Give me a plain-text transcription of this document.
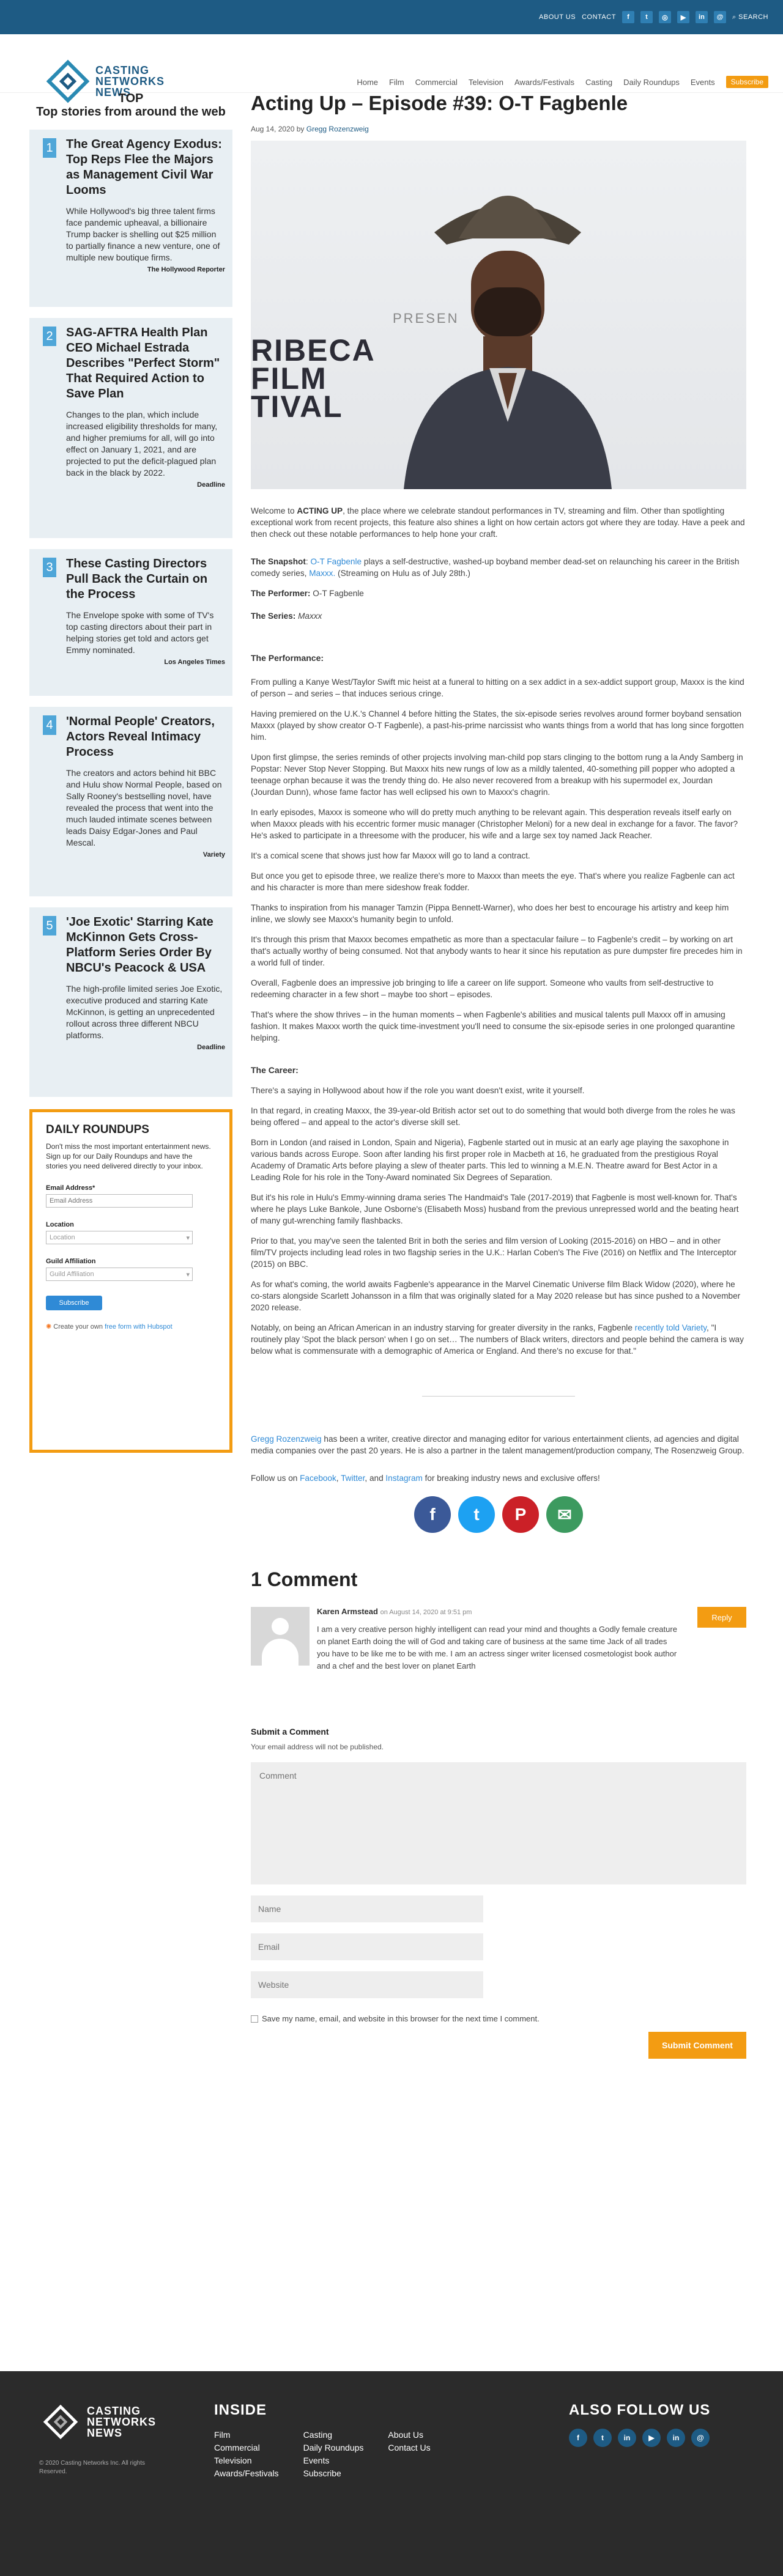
ABOUT US CONTACT	f	t	◎	▶	in	@	⌕ SEARCH
CASTING
NETWORKS
NEWS
Home Film Commercial Television Awards/Festivals Casting Daily Roundups Events	Subscribe
TOP
Top stories from around the web
1 The Great Agency Exodus: Top Reps Flee the Majors as Management Civil War Looms
While Hollywood's big three talent firms face pandemic upheaval, a billionaire Trump backer is shelling out $25 million to partially finance a new venture, one of multiple new boutique firms.
The Hollywood Reporter
2 SAG-AFTRA Health Plan CEO Michael Estrada Describes "Perfect Storm" That Required Action to Save Plan
Changes to the plan, which include increased eligibility thresholds for many, and higher premiums for all, will go into effect on January 1, 2021, and are projected to put the deficit-plagued plan back in the black by 2022.
Deadline
3 These Casting Directors Pull Back the Curtain on the Process
The Envelope spoke with some of TV's top casting directors about their part in helping stories get told and actors get Emmy nominated.
Los Angeles Times
4 'Normal People' Creators, Actors Reveal Intimacy Process
The creators and actors behind hit BBC and Hulu show Normal People, based on Sally Rooney's bestselling novel, have revealed the process that went into the much lauded intimate scenes between leads Daisy Edgar-Jones and Paul Mescal.
Variety
5 'Joe Exotic' Starring Kate McKinnon Gets Cross-Platform Series Order By NBCU's Peacock & USA
The high-profile limited series Joe Exotic, executive produced and starring Kate McKinnon, is getting an unprecedented rollout across three different NBCU platforms.
Deadline
DAILY ROUNDUPS

Don't miss the most important entertainment news. Sign up for our Daily Roundups and have the stories you need delivered directly to your inbox.

Email Address*
Email Address
Location
Location	▾
Guild Affiliation
Guild Affiliation	▾
Subscribe
✺ Create your own free form with Hubspot
Acting Up – Episode #39: O-T Fagbenle
Aug 14, 2020 by Gregg Rozenzweig
RIBECA
FILM
TIVAL
PRESEN

Welcome to ACTING UP, the place where we celebrate standout performances in TV, streaming and film. Other than spotlighting exceptional work from recent projects, this feature also shines a light on how certain actors got where they are today. Have a peek and then check out these notable performances to help hone your craft.

The Snapshot: O-T Fagbenle plays a self-destructive, washed-up boyband member dead-set on relaunching his career in the British comedy series, Maxxx. (Streaming on Hulu as of July 28th.)

The Performer: O-T Fagbenle

The Series: Maxxx

The Performance:

From pulling a Kanye West/Taylor Swift mic heist at a funeral to hitting on a sex addict in a sex-addict support group, Maxxx is the kind of person – and series – that induces serious cringe.

Having premiered on the U.K.'s Channel 4 before hitting the States, the six-episode series revolves around former boyband sensation Maxxx (played by show creator O-T Fagbenle), a past-his-prime narcissist who wants things from a world that has long since forgotten him.

Upon first glimpse, the series reminds of other projects involving man-child pop stars clinging to the bottom rung a la Andy Samberg in Popstar: Never Stop Never Stopping. But Maxxx hits new rungs of low as a mildly talented, 40-something pill popper who adopted a teenage orphan because it was the trendy thing do. He also never recovered from a breakup with his supermodel ex, Jourdan (Jourdan Dunn), whose fame factor has well eclipsed his own to Maxxx's chagrin.

In early episodes, Maxxx is someone who will do pretty much anything to be relevant again. This desperation reveals itself early on when Maxxx pleads with his eccentric former music manager (Christopher Meloni) for a new deal in exchange for a favor. The favor? He's asked to participate in a threesome with the producer, his wife and a large sex toy named Jack Reacher.

It's a comical scene that shows just how far Maxxx will go to land a contract.

But once you get to episode three, we realize there's more to Maxxx than meets the eye. That's where you realize Fagbenle can act and his character is more than mere sideshow freak fodder.

Thanks to inspiration from his manager Tamzin (Pippa Bennett-Warner), who does her best to encourage his artistry and keep him inline, we slowly see Maxxx's humanity begin to unfold.

It's through this prism that Maxxx becomes empathetic as more than a spectacular failure – to Fagbenle's credit – by working on art that's actually worthy of being consumed. Not that anybody wants to hear it since his reputation as pure dumpster fire precedes him in a world full of tinder.

Overall, Fagbenle does an impressive job bringing to life a career on life support. Someone who vaults from self-destructive to redeeming character in a few short – maybe too short – episodes.

That's where the show thrives – in the human moments – when Fagbenle's abilities and musical talents pull Maxxx off in amusing fashion. It makes Maxxx worth the quick time-investment you'll need to consume the six-episode series in one prolonged quarantine helping.

The Career:

There's a saying in Hollywood about how if the role you want doesn't exist, write it yourself.

In that regard, in creating Maxxx, the 39-year-old British actor set out to do something that would both diverge from the roles he was being offered – and appeal to the actor's diverse skill set.

Born in London (and raised in London, Spain and Nigeria), Fagbenle started out in music at an early age playing the saxophone in various bands across Europe. Soon after landing his first proper role in Macbeth at 16, he graduated from the prestigious Royal Academy of Dramatic Arts before playing a slew of theater parts. This led to winning a M.E.N. Theatre award for Best Actor in a Leading Role for his role in the Tony-Award nominated Six Degrees of Separation.

But it's his role in Hulu's Emmy-winning drama series The Handmaid's Tale (2017-2019) that Fagbenle is most well-known for. That's where he plays Luke Bankole, June Osborne's (Elisabeth Moss) husband from the previous unrepressed world and the beating heart of many gut-wrenching family flashbacks.

Prior to that, you may've seen the talented Brit in both the series and film version of Looking (2015-2016) on HBO – and in other film/TV projects including lead roles in two flagship series in the U.K.: Harlan Coben's The Five (2016) on Netflix and The Interceptor (2015) on BBC.

As for what's coming, the world awaits Fagbenle's appearance in the Marvel Cinematic Universe film Black Widow (2020), where he co-stars alongside Scarlett Johansson in a film that was originally slated for a May 2020 release but has since pushed to a November 2020 release.

Notably, on being an African American in an industry starving for greater diversity in the ranks, Fagbenle recently told Variety, "I routinely play 'Spot the black person' when I go on set… The numbers of Black writers, directors and people behind the camera is way below what is commensurate with a demographic of America or England. And there's no excuse for that."

Gregg Rozenzweig has been a writer, creative director and managing editor for various entertainment clients, ad agencies and digital media companies over the past 20 years. He is also a partner in the talent management/production company, The Rosenzweig Group.

Follow us on Facebook, Twitter, and Instagram for breaking industry news and exclusive offers!

f	t	P	✉
1 Comment
Karen Armstead on August 14, 2020 at 9:51 pm
I am a very creative person highly intelligent can read your mind and thoughts a Godly female creature on planet Earth doing the will of God and taking care of business at the same time Jack of all trades you have to be like me to be with me. I am an actress singer writer licensed cosmetologist book author and a chef and the best lover on planet Earth
Reply
Submit a Comment
Your email address will not be published.
Comment
Name
Email
Website
Save my name, email, and website in this browser for the next time I comment.
Submit Comment
CASTING
NETWORKS
NEWS
© 2020 Casting Networks Inc. All rights Reserved.
INSIDE
Film
Commercial
Television
Awards/Festivals
Casting
Daily Roundups
Events
Subscribe
About Us
Contact Us
ALSO FOLLOW US
f	t	in	▶	in	@
